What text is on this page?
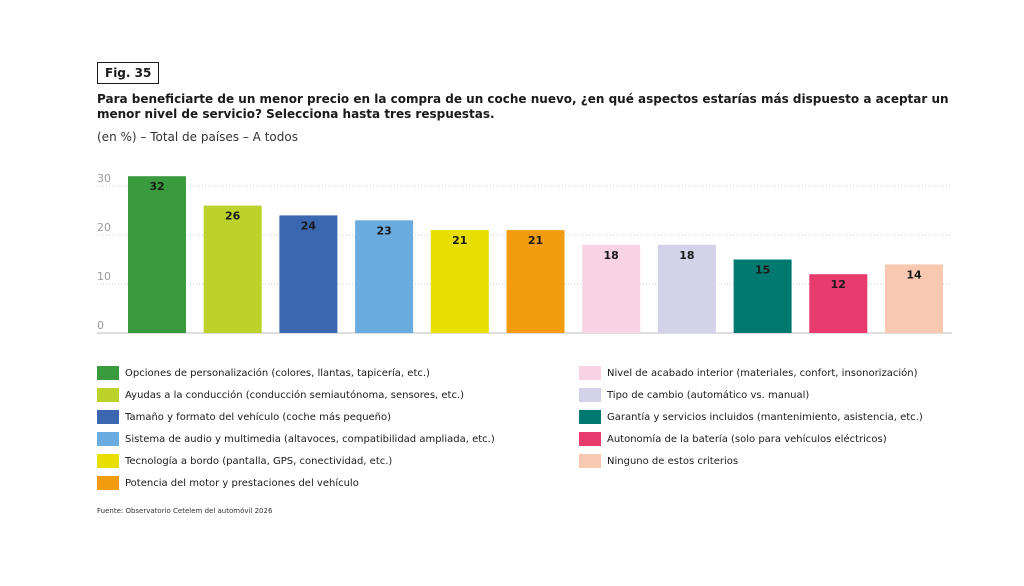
Fig. 35
Para beneficiarte de un menor precio en la compra de un coche nuevo, ¿en qué aspectos estarías más dispuesto a aceptar un menor nivel de servicio? Selecciona hasta tres respuestas.
(en %) – Total de países – A todos
0
10
20
30
32
26
24	23
21	21
18	18
15
12
14
Opciones de personalización (colores, llantas, tapicería, etc.)
Ayudas a la conducción (conducción semiautónoma, sensores, etc.)
Tamaño y formato del vehículo (coche más pequeño)
Sistema de audio y multimedia (altavoces, compatibilidad ampliada, etc.)
Tecnología a bordo (pantalla, GPS, conectividad, etc.)
Potencia del motor y prestaciones del vehículo
Nivel de acabado interior (materiales, confort, insonorización)
Tipo de cambio (automático vs. manual)
Garantía y servicios incluidos (mantenimiento, asistencia, etc.)
Autonomía de la batería (solo para vehículos eléctricos)
Ninguno de estos criterios
Fuente: Observatorio Cetelem del automóvil 2026
